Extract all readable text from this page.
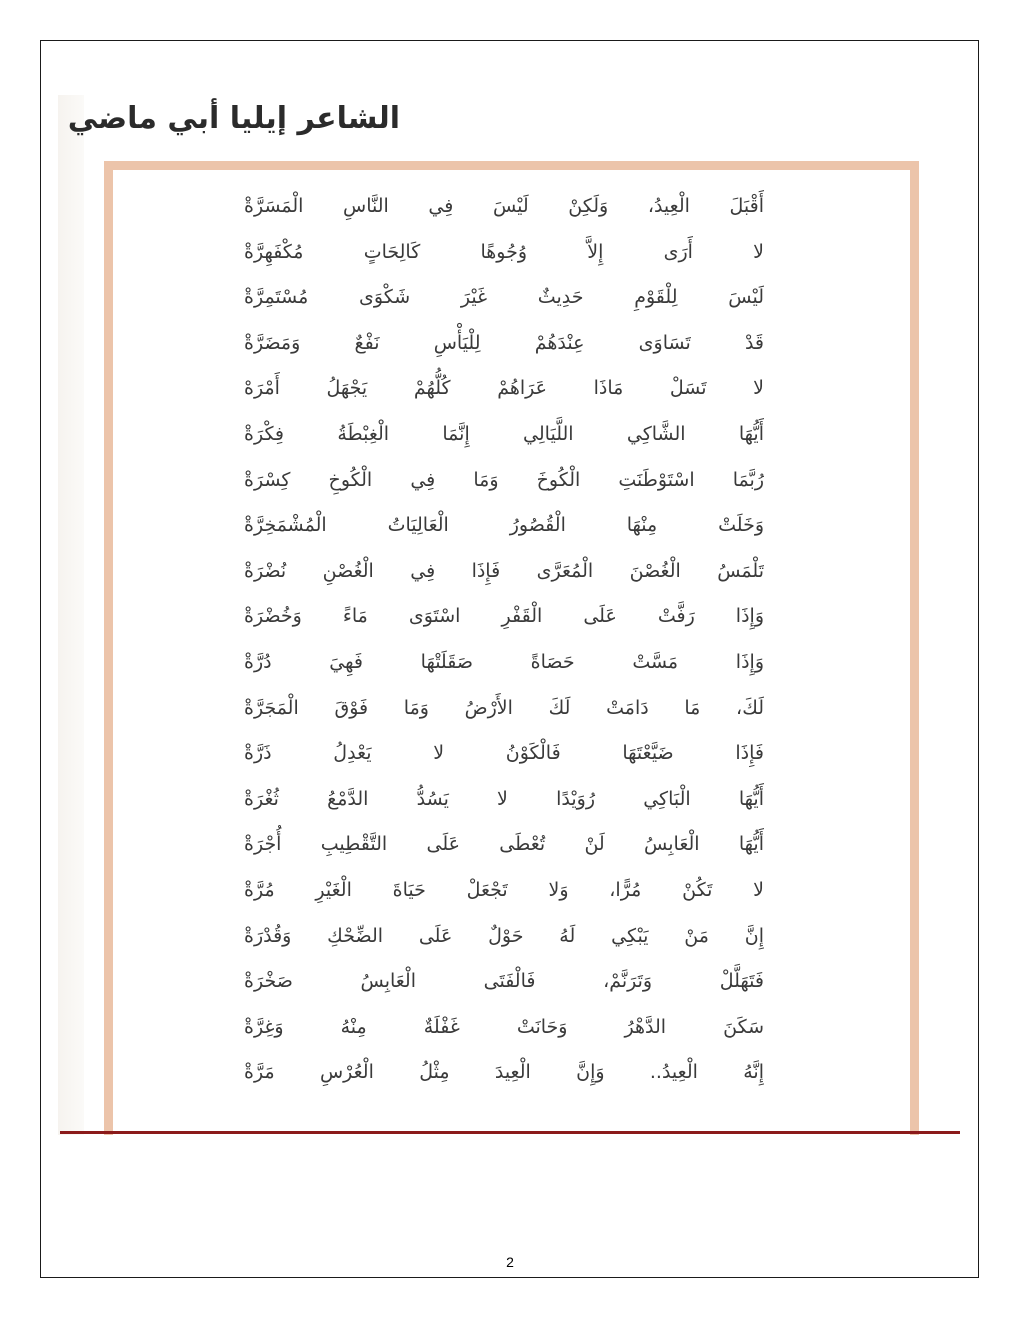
الشاعر إيليا أبي ماضي
أَقْبَلَ الْعِيدُ، وَلَكِنْ لَيْسَ فِي النَّاسِ الْمَسَرَّةْ
لا أَرَى إِلاَّ وُجُوهًا كَالِحَاتٍ مُكْفَهِرَّةْ
لَيْسَ لِلْقَوْمِ حَدِيثٌ غَيْرَ شَكْوَى مُسْتَمِرَّةْ
قَدْ تَسَاوَى عِنْدَهُمْ لِلْيَأْسِ نَفْعٌ وَمَضَرَّةْ
لا تَسَلْ مَاذَا عَرَاهُمْ كُلُّهُمْ يَجْهَلُ أَمْرَهْ
أَيُّهَا الشَّاكِي اللَّيَالِي إِنَّمَا الْغِبْطَةُ فِكْرَةْ
رُبَّمَا اسْتَوْطَنَتِ الْكُوخَ وَمَا فِي الْكُوخِ كِسْرَةْ
وَخَلَتْ مِنْهَا الْقُصُورُ الْعَالِيَاتُ الْمُشْمَخِرَّةْ
تَلْمَسُ الْغُصْنَ الْمُعَرَّى فَإِذَا فِي الْغُصْنِ نُضْرَةْ
وَإِذَا رَفَّتْ عَلَى الْقَفْرِ اسْتَوَى مَاءً وَخُضْرَةْ
وَإِذَا مَسَّتْ حَصَاةً صَقَلَتْهَا فَهِيَ دُرَّةْ
لَكَ، مَا دَامَتْ لَكَ الأَرْضُ وَمَا فَوْقَ الْمَجَرَّةْ
فَإِذَا ضَيَّعْتَهَا فَالْكَوْنُ لا يَعْدِلُ ذَرَّةْ
أَيُّهَا الْبَاكِي رُوَيْدًا لا يَسُدُّ الدَّمْعُ ثُغْرَةْ
أَيُّهَا الْعَابِسُ لَنْ تُعْطَى عَلَى التَّقْطِيبِ أُجْرَةْ
لا تَكُنْ مُرًّا، وَلا تَجْعَلْ حَيَاةَ الْغَيْرِ مُرَّةْ
إِنَّ مَنْ يَبْكِي لَهُ حَوْلٌ عَلَى الضِّحْكِ وَقُدْرَةْ
فَتَهَلَّلْ وَتَرَنَّمْ، فَالْفَتَى الْعَابِسُ صَخْرَةْ
سَكَنَ الدَّهْرُ وَحَانَتْ غَفْلَةٌ مِنْهُ وَغِرَّةْ
إِنَّهُ الْعِيدُ.. وَإِنَّ الْعِيدَ مِثْلُ الْعُرْسِ مَرَّةْ
2
